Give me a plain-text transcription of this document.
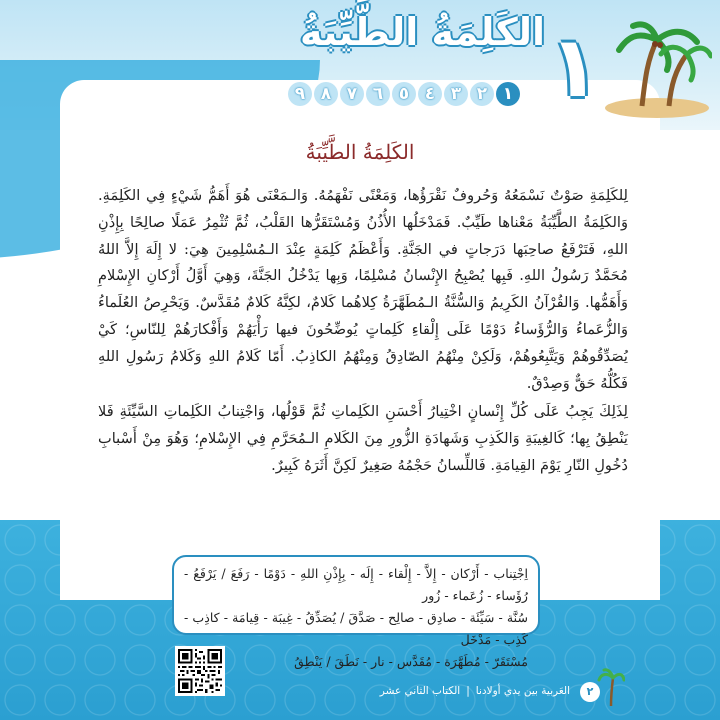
١
الكَلِمَةُ الطَّيِّبَةُ
١
٢
٣
٤
٥
٦
٧
٨
٩
الكَلِمَةُ الطَّيِّبَةُ

لِلكَلِمَةِ صَوْتٌ نَسْمَعُهُ وَحُروفٌ نَقْرَؤُها، وَمَعْنًى نَفْهَمُهُ. وَالـمَعْنَى هُوَ أَهَمُّ شَيْءٍ فِي الكَلِمَةِ. وَالكَلِمَةُ الطَّيِّبَةُ مَعْناها طَيِّبٌ. فَمَدْخَلُها الأُذُنُ وَمُسْتَقَرُّها القَلْبُ، ثُمَّ تُثْمِرُ عَمَلًا صالِحًا بِإِذْنِ اللهِ، فَتَرْفَعُ صاحِبَها دَرَجاتٍ في الجَنَّةِ. وَأَعْظَمُ كَلِمَةٍ عِنْدَ الـمُسْلِمِينَ هِيَ: لا إِلَهَ إِلاَّ اللهُ مُحَمَّدٌ رَسُولُ اللهِ. فَبِها يُصْبِحُ الإِنْسانُ مُسْلِمًا، وَبِها يَدْخُلُ الجَنَّةَ، وَهِيَ أَوَّلُ أَرْكانِ الإِسْلامِ وَأَهَمُّها. وَالقُرْآنُ الكَرِيمُ وَالسُّنَّةُ الـمُطَهَّرَةُ كِلاهُما كَلامٌ، لكِنَّهُ كَلامٌ مُقَدَّسٌ. وَيَحْرِصُ العُلَماءُ وَالزُّعَماءُ وَالرُّؤَساءُ دَوْمًا عَلَى إِلْقاءِ كَلِماتٍ يُوضِّحُونَ فيها رَأْيَهُمْ وَأَفْكارَهُمْ لِلنّاسِ؛ كَيْ يُصَدِّقُوهُمْ وَيَتَّبِعُوهُمْ، وَلَكِنْ مِنْهُمُ الصّادِقُ وَمِنْهُمُ الكاذِبُ. أَمّا كَلامُ اللهِ وَكَلامُ رَسُولِ اللهِ فَكُلُّهُ حَقٌّ وَصِدْقٌ.

لِذَلِكَ يَجِبُ عَلَى كُلِّ إِنْسانٍ اخْتِيارُ أَحْسَنِ الكَلِماتِ ثُمَّ قَوْلُها، وَاجْتِنابُ الكَلِماتِ السَّيِّئَةِ فَلا يَنْطِقُ بِها؛ كَالغِيبَةِ وَالكَذِبِ وَشَهادَةِ الزُّورِ مِنَ الكَلامِ الـمُحَرَّمِ فِي الإِسْلامِ؛ وَهُوَ مِنْ أَسْبابِ دُخُولِ النّارِ يَوْمَ القِيامَةِ. فَاللِّسانُ حَجْمُهُ صَغِيرٌ لَكِنَّ أَثَرَهُ كَبِيرٌ.

اِجْتِناب - أَرْكان - إِلاَّ - إِلْقاء - إِلَه - بِإِذْنِ اللهِ - دَوْمًا - رَفَعَ / يَرْفَعُ - رُؤَساء - زُعَماء - زُور
سُنَّة - سَيِّئَة - صادِق - صالِح - صَدَّقَ / يُصَدِّقُ - غِيبَة - قِيامَة - كاذِب - كَذِب - مَدْخَل
مُسْتَقَرّ - مُطَهَّرَة - مُقَدَّس - نار - نَطَقَ / يَنْطِقُ
٢
العَربية بين يدي أولادنا
|
الكتاب الثاني عشر
